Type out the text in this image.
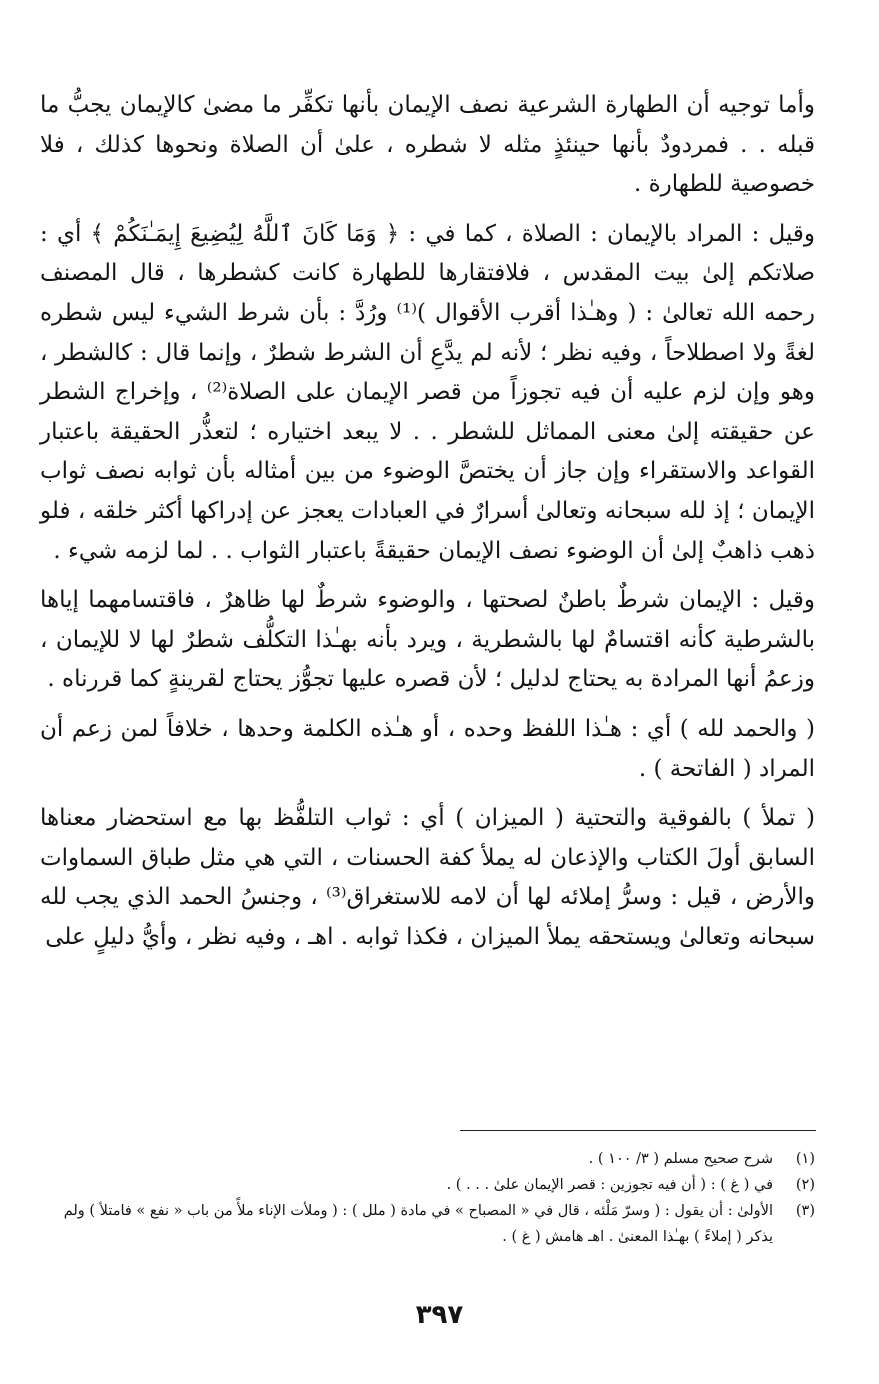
وأما توجيه أن الطهارة الشرعية نصف الإيمان بأنها تكفِّر ما مضىٰ كالإيمان يجبُّ ما قبله . . فمردودٌ بأنها حينئذٍ مثله لا شطره ، علىٰ أن الصلاة ونحوها كذلك ، فلا خصوصية للطهارة .

وقيل : المراد بالإيمان : الصلاة ، كما في : ﴿ وَمَا كَانَ ٱللَّهُ لِيُضِيعَ إِيمَـٰنَكُمْ ﴾ أي : صلاتكم إلىٰ بيت المقدس ، فلافتقارها للطهارة كانت كشطرها ، قال المصنف رحمه الله تعالىٰ : ( وهـٰذا أقرب الأقوال )⁽¹⁾ ورُدَّ : بأن شرط الشيء ليس شطره لغةً ولا اصطلاحاً ، وفيه نظر ؛ لأنه لم يدَّعِ أن الشرط شطرٌ ، وإنما قال : كالشطر ، وهو وإن لزم عليه أن فيه تجوزاً من قصر الإيمان على الصلاة⁽²⁾ ، وإخراج الشطر عن حقيقته إلىٰ معنى المماثل للشطر . . لا يبعد اختياره ؛ لتعذُّر الحقيقة باعتبار القواعد والاستقراء وإن جاز أن يختصَّ الوضوء من بين أمثاله بأن ثوابه نصف ثواب الإيمان ؛ إذ لله سبحانه وتعالىٰ أسرارٌ في العبادات يعجز عن إدراكها أكثر خلقه ، فلو ذهب ذاهبٌ إلىٰ أن الوضوء نصف الإيمان حقيقةً باعتبار الثواب . . لما لزمه شيء .

وقيل : الإيمان شرطٌ باطنٌ لصحتها ، والوضوء شرطٌ لها ظاهرٌ ، فاقتسامهما إياها بالشرطية كأنه اقتسامٌ لها بالشطرية ، ويرد بأنه بهـٰذا التكلُّف شطرٌ لها لا للإيمان ، وزعمُ أنها المرادة به يحتاج لدليل ؛ لأن قصره عليها تجوُّز يحتاج لقرينةٍ كما قررناه .

( والحمد لله ) أي : هـٰذا اللفظ وحده ، أو هـٰذه الكلمة وحدها ، خلافاً لمن زعم أن المراد ( الفاتحة ) .

( تملأ ) بالفوقية والتحتية ( الميزان ) أي : ثواب التلفُّظ بها مع استحضار معناها السابق أولَ الكتاب والإذعان له يملأ كفة الحسنات ، التي هي مثل طباق السماوات والأرض ، قيل : وسرُّ إملائه لها أن لامه للاستغراق⁽³⁾ ، وجنسُ الحمد الذي يجب لله سبحانه وتعالىٰ ويستحقه يملأ الميزان ، فكذا ثوابه . اهـ ، وفيه نظر ، وأيُّ دليلٍ على

(١)
شرح صحيح مسلم ( ٣/ ١٠٠ ) .
(٢)
في ( غ ) : ( أن فيه تجوزين : قصر الإيمان علىٰ . . . ) .
(٣)
الأولىٰ : أن يقول : ( وسرّ مَلْئه ، قال في « المصباح » في مادة ( ملل ) : ( وملأت الإناء ملأً من باب « نفع » فامتلأ ) ولم يذكر ( إملاءً ) بهـٰذا المعنىٰ . اهـ هامش ( غ ) .
٣٩٧
